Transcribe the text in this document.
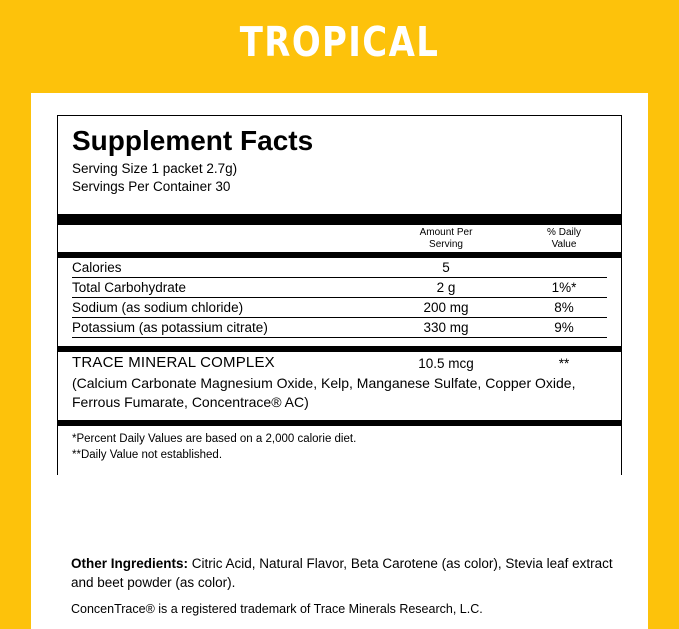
TROPICAL
Supplement Facts
Serving Size 1 packet 2.7g)
Servings Per Container 30

Amount Per
Serving

% Daily
Value
Calories	5	
Total Carbohydrate	2 g	1%*
Sodium (as sodium chloride)	200 mg	8%
Potassium (as potassium citrate)	330 mg	9%
TRACE MINERAL COMPLEX	10.5 mcg	**
(Calcium Carbonate Magnesium Oxide, Kelp, Manganese Sulfate, Copper Oxide, Ferrous Fumarate, Concentrace® AC)
*Percent Daily Values are based on a 2,000 calorie diet.
**Daily Value not established.
Other Ingredients: Citric Acid, Natural Flavor, Beta Carotene (as color), Stevia leaf extract and beet powder (as color).
ConcenTrace® is a registered trademark of Trace Minerals Research, L.C.
